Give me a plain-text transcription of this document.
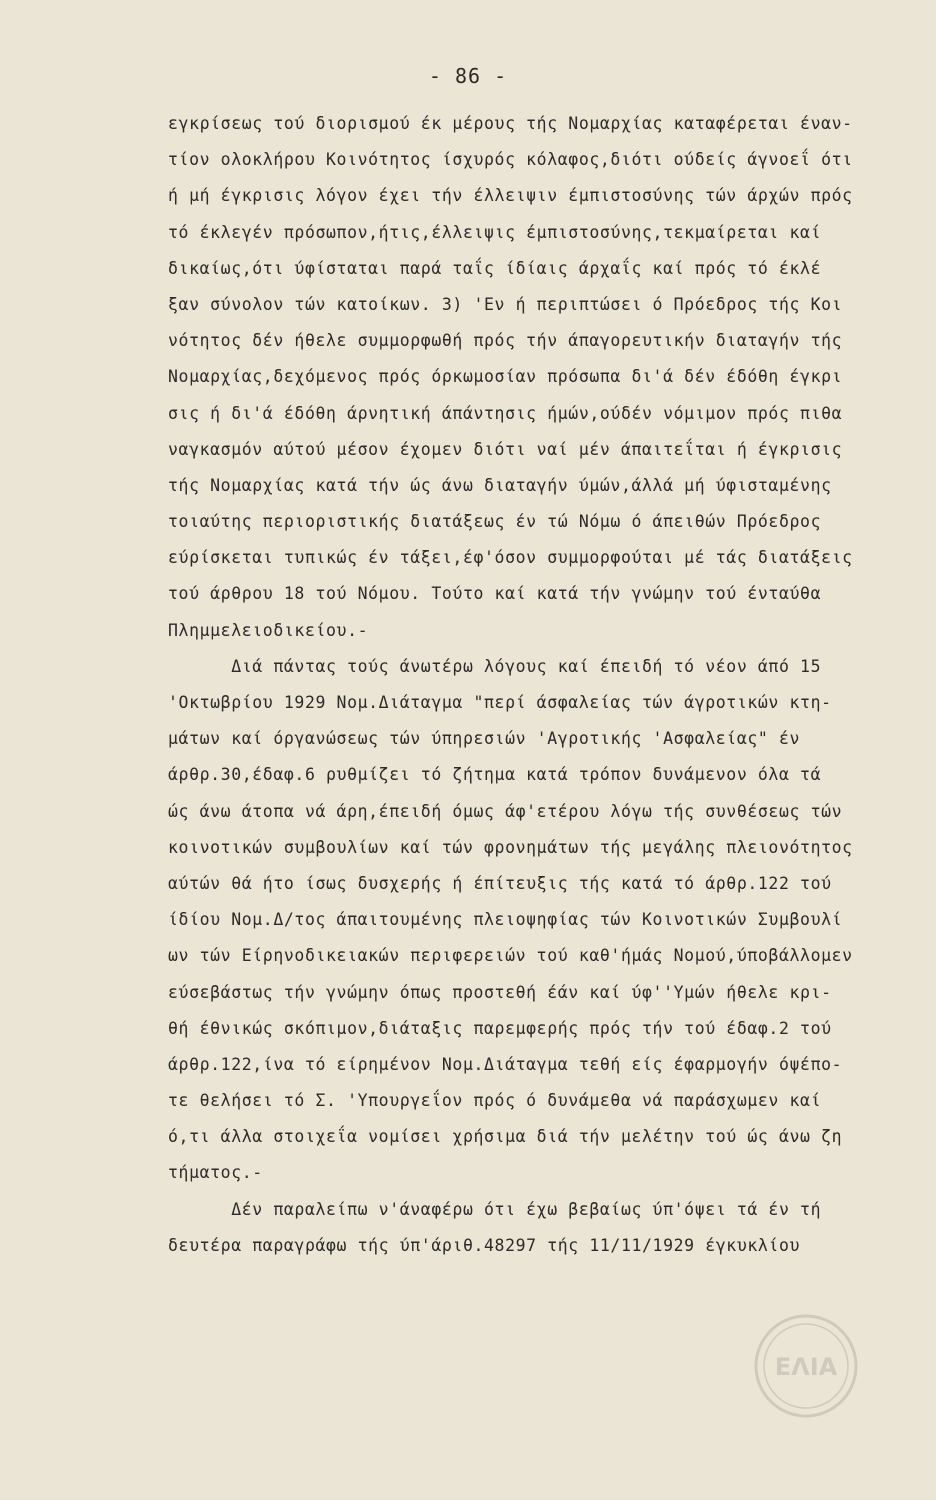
- 86 -
εγκρίσεως τού διορισμού έκ μέρους τής Νομαρχίας καταφέρεται έναν-
τίον ολοκλήρου Κοινότητος ίσχυρός κόλαφος,διότι ούδείς άγνοεΐ ότι
ή μή έγκρισις λόγον έχει τήν έλλειψιν έμπιστοσύνης τών άρχών πρός
τό έκλεγέν πρόσωπον,ήτις,έλλειψις έμπιστοσύνης,τεκμαίρεται καί
δικαίως,ότι ύφίσταται παρά ταΐς ίδίαις άρχαΐς καί πρός τό έκλέ
ξαν σύνολον τών κατοίκων. 3) 'Εν ή περιπτώσει ό Πρόεδρος τής Κοι
νότητος δέν ήθελε συμμορφωθή πρός τήν άπαγορευτικήν διαταγήν τής
Νομαρχίας,δεχόμενος πρός όρκωμοσίαν πρόσωπα δι'ά δέν έδόθη έγκρι
σις ή δι'ά έδόθη άρνητική άπάντησις ήμών,ούδέν νόμιμον πρός πιθα
ναγκασμόν αύτού μέσον έχομεν διότι ναί μέν άπαιτεΐται ή έγκρισις
τής Νομαρχίας κατά τήν ώς άνω διαταγήν ύμών,άλλά μή ύφισταμένης
τοιαύτης περιοριστικής διατάξεως έν τώ Νόμω ό άπειθών Πρόεδρος
εύρίσκεται τυπικώς έν τάξει,έφ'όσον συμμορφούται μέ τάς διατάξεις
τού άρθρου 18 τού Νόμου. Τούτο καί κατά τήν γνώμην τού ένταύθα
Πλημμελειοδικείου.-
Διά πάντας τούς άνωτέρω λόγους καί έπειδή τό νέον άπό 15
'Οκτωβρίου 1929 Νομ.Διάταγμα "περί άσφαλείας τών άγροτικών κτη-
μάτων καί όργανώσεως τών ύπηρεσιών 'Αγροτικής 'Ασφαλείας" έν
άρθρ.30,έδαφ.6 ρυθμίζει τό ζήτημα κατά τρόπον δυνάμενον όλα τά
ώς άνω άτοπα νά άρη,έπειδή όμως άφ'ετέρου λόγω τής συνθέσεως τών
κοινοτικών συμβουλίων καί τών φρονημάτων τής μεγάλης πλειονότητος
αύτών θά ήτο ίσως δυσχερής ή έπίτευξις τής κατά τό άρθρ.122 τού
ίδίου Νομ.Δ/τος άπαιτουμένης πλειοψηφίας τών Κοινοτικών Συμβουλί
ων τών Είρηνοδικειακών περιφερειών τού καθ'ήμάς Νομού,ύποβάλλομεν
εύσεβάστως τήν γνώμην όπως προστεθή έάν καί ύφ''Υμών ήθελε κρι-
θή έθνικώς σκόπιμον,διάταξις παρεμφερής πρός τήν τού έδαφ.2 τού
άρθρ.122,ίνα τό είρημένον Νομ.Διάταγμα τεθή είς έφαρμογήν όψέπο-
τε θελήσει τό Σ. 'Υπουργεΐον πρός ό δυνάμεθα νά παράσχωμεν καί
ό,τι άλλα στοιχεΐα νομίσει χρήσιμα διά τήν μελέτην τού ώς άνω ζη
τήματος.-
Δέν παραλείπω ν'άναφέρω ότι έχω βεβαίως ύπ'όψει τά έν τή
δευτέρα παραγράφω τής ύπ'άριθ.48297 τής 11/11/1929 έγκυκλίου
ΕΛΙΑ
